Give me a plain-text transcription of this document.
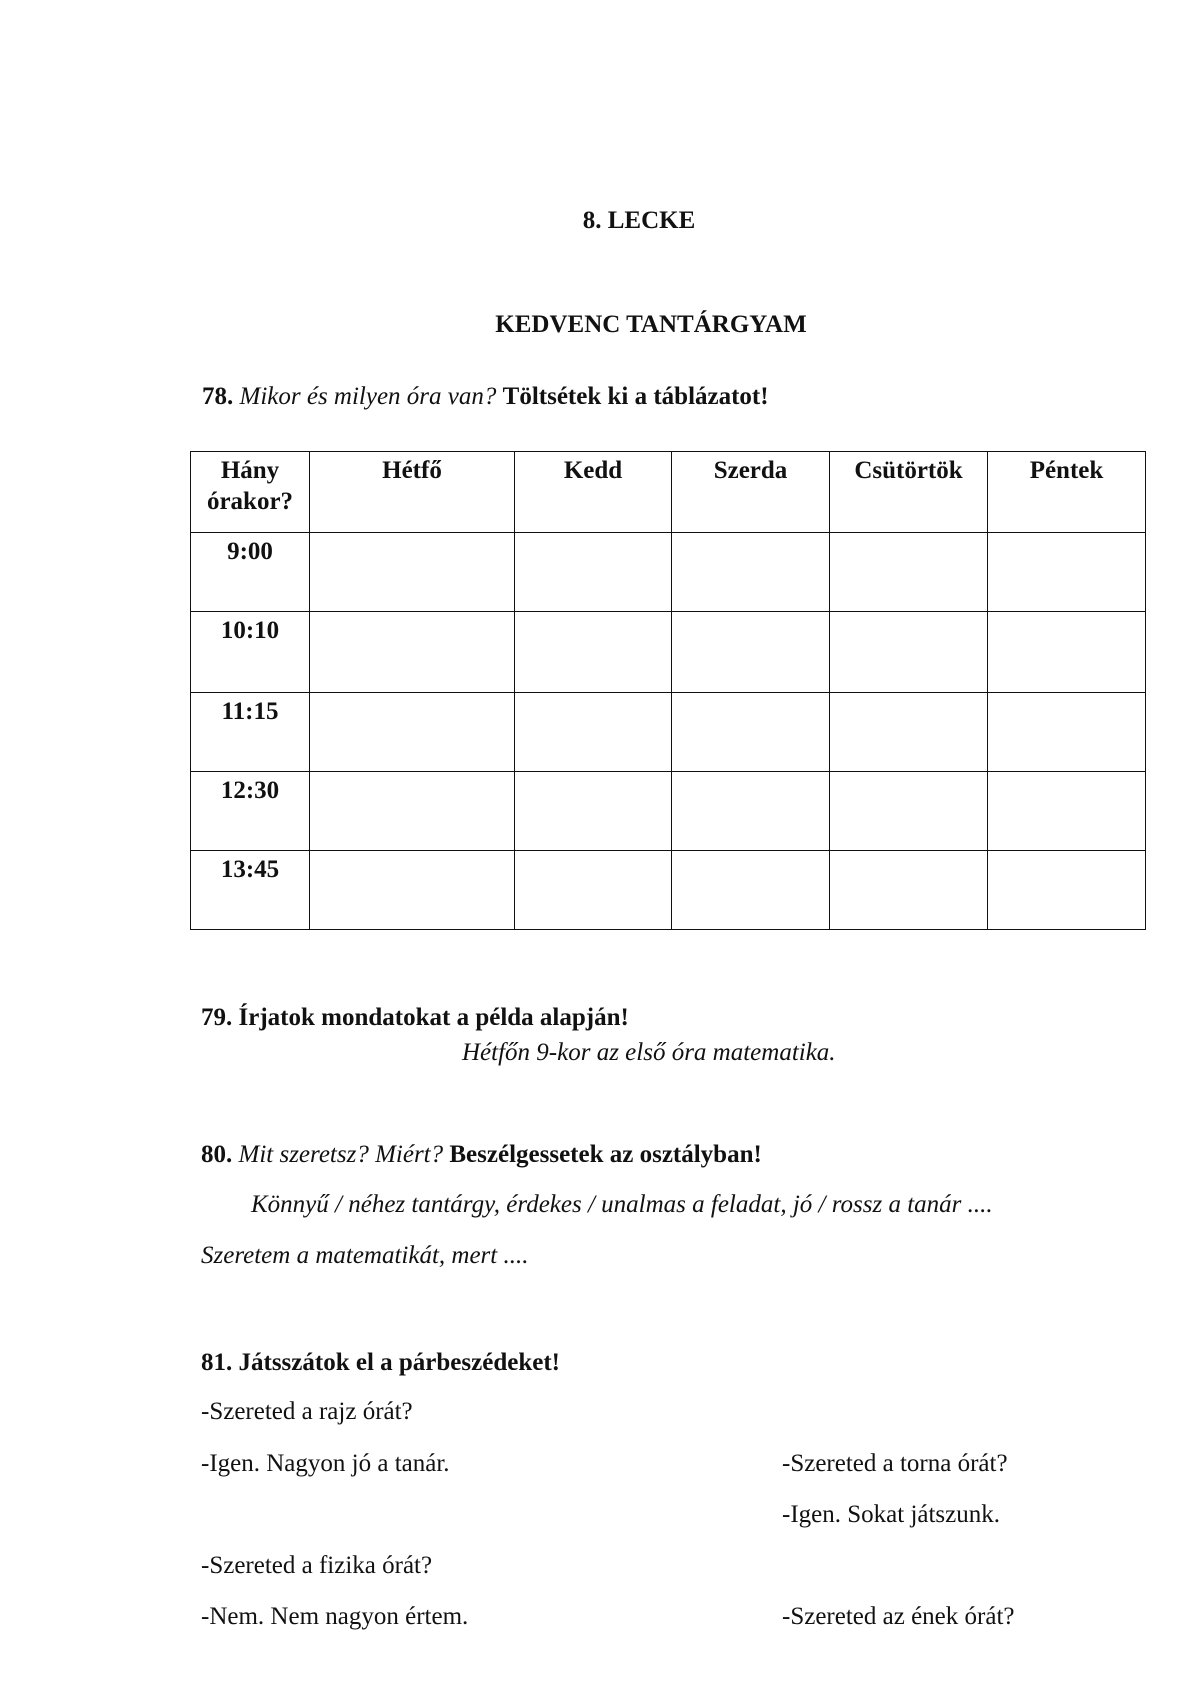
8. LECKE
KEDVENC TANTÁRGYAM
78. Mikor és milyen óra van? Töltsétek ki a táblázatot!
Hány
órakor?	Hétfő	Kedd	Szerda	Csütörtök	Péntek
9:00					
10:10					
11:15					
12:30					
13:45					
79. Írjatok mondatokat a példa alapján!
Hétfőn 9-kor az első óra matematika.
80. Mit szeretsz? Miért? Beszélgessetek az osztályban!
Könnyű / néhez tantárgy, érdekes / unalmas a feladat, jó / rossz a tanár ....
Szeretem a matematikát, mert ....
81. Játsszátok el a párbeszédeket!
-Szereted a rajz órát?
-Igen. Nagyon jó a tanár.
-Szereted a fizika órát?
-Nem. Nem nagyon értem.
-Szereted a torna órát?
-Igen. Sokat játszunk.
-Szereted az ének órát?
